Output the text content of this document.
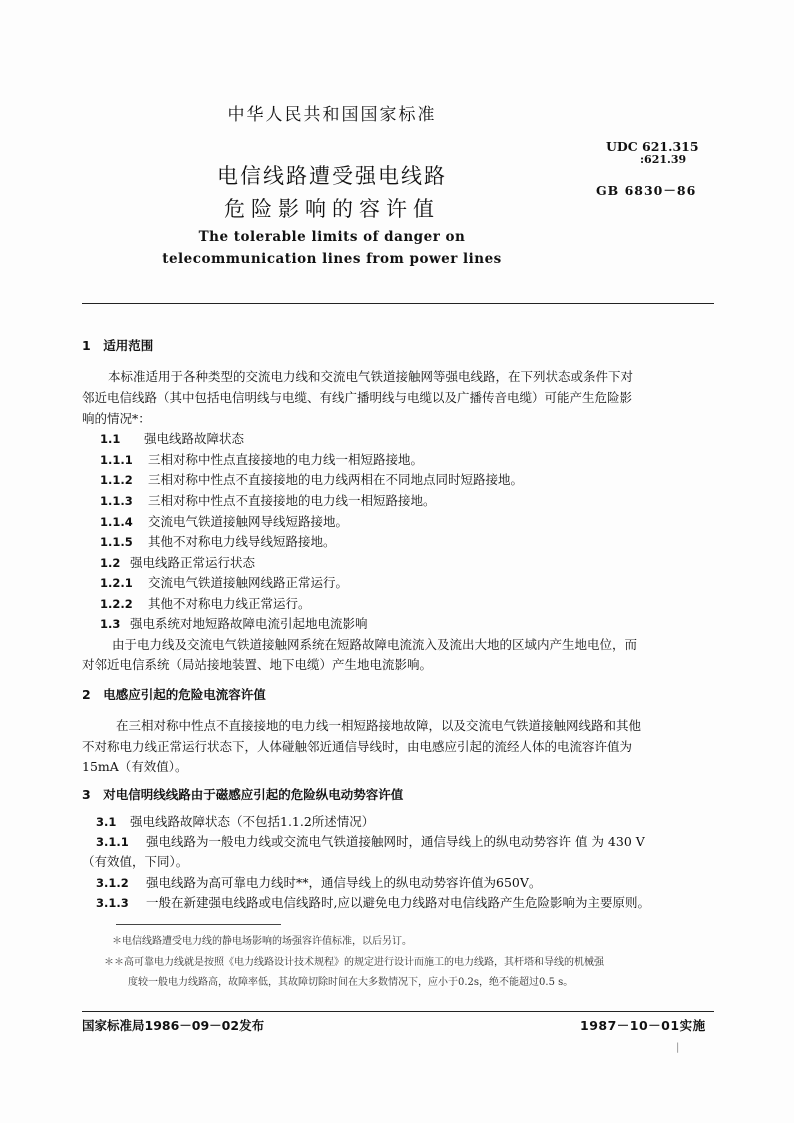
中华人民共和国国家标准
电信线路遭受强电线路
危险影响的容许值
The tolerable limits of danger on
telecommunication lines from power lines
UDC 621.315
:621.39
GB 6830－86
1　适用范围
本标准适用于各种类型的交流电力线和交流电气铁道接触网等强电线路，在下列状态或条件下对
邻近电信线路（其中包括电信明线与电缆、有线广播明线与电缆以及广播传音电缆）可能产生危险影
响的情况*：
1.1 强电线路故障状态
1.1.1 三相对称中性点直接接地的电力线一相短路接地。
1.1.2 三相对称中性点不直接接地的电力线两相在不同地点同时短路接地。
1.1.3 三相对称中性点不直接接地的电力线一相短路接地。
1.1.4 交流电气铁道接触网导线短路接地。
1.1.5 其他不对称电力线导线短路接地。
1.2 强电线路正常运行状态
1.2.1 交流电气铁道接触网线路正常运行。
1.2.2 其他不对称电力线正常运行。
1.3 强电系统对地短路故障电流引起地电流影响
由于电力线及交流电气铁道接触网系统在短路故障电流流入及流出大地的区域内产生地电位，而
对邻近电信系统（局站接地装置、地下电缆）产生地电流影响。
2　电感应引起的危险电流容许值
在三相对称中性点不直接接地的电力线一相短路接地故障，以及交流电气铁道接触网线路和其他
不对称电力线正常运行状态下，人体碰触邻近通信导线时，由电感应引起的流经人体的电流容许值为
15mA（有效值）。
3　对电信明线线路由于磁感应引起的危险纵电动势容许值
3.1 强电线路故障状态（不包括1.1.2所述情况）
3.1.1 强电线路为一般电力线或交流电气铁道接触网时，通信导线上的纵电动势容许 值 为 430 V
（有效值，下同）。
3.1.2 强电线路为高可靠电力线时**，通信导线上的纵电动势容许值为650V。
3.1.3 一般在新建强电线路或电信线路时,应以避免电力线路对电信线路产生危险影响为主要原则。
＊电信线路遭受电力线的静电场影响的场强容许值标准，以后另订。
＊＊高可靠电力线就是按照《电力线路设计技术规程》的规定进行设计而施工的电力线路，其杆塔和导线的机械强
度较一般电力线路高，故障率低，其故障切除时间在大多数情况下，应小于0.2s，绝不能超过0.5 s。
国家标准局1986－09－02发布	1987－10－01实施
|
